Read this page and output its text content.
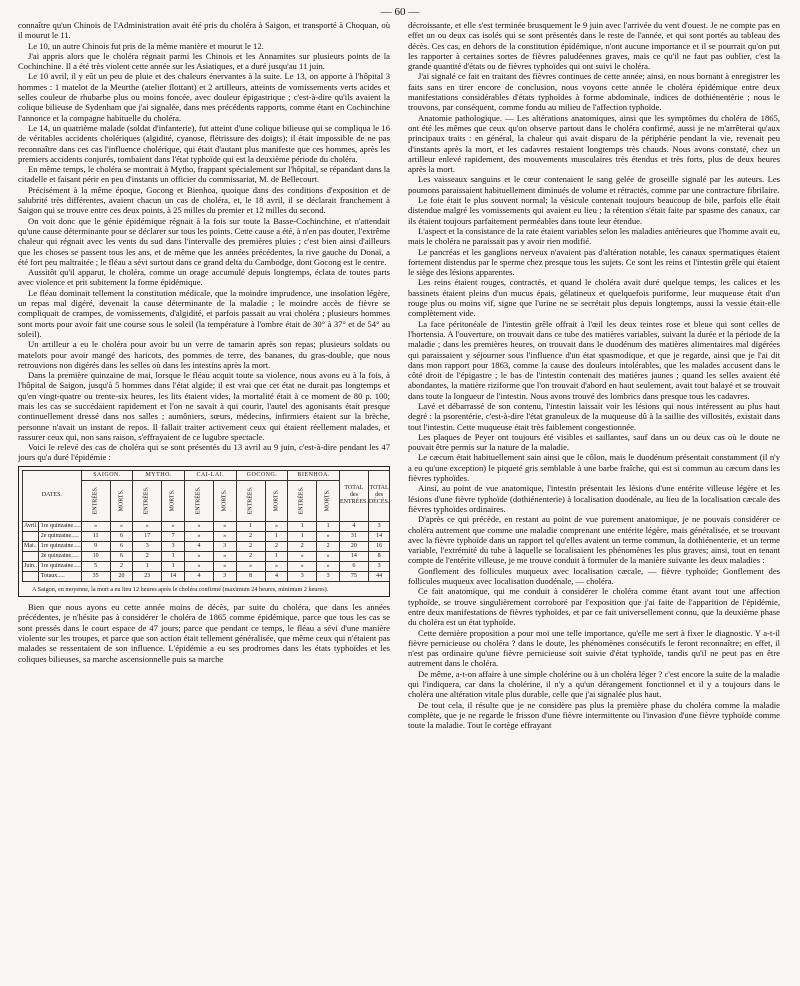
— 60 —

connaître qu'un Chinois de l'Administration avait été pris du choléra à Saigon, et transporté à Choquan, où il mourut le 11.

Le 10, un autre Chinois fut pris de la même manière et mourut le 12.

J'ai appris alors que le choléra régnait parmi les Chinois et les Annamites sur plusieurs points de la Cochinchine. Il a été très violent cette année sur les Asiatiques, et a duré jusqu'au 11 juin.

Le 10 avril, il y eût un peu de pluie et des chaleurs énervantes à la suite. Le 13, on apporte à l'hôpital 3 hommes : 1 matelot de la Meurthe (atelier flottant) et 2 artilleurs, atteints de vomissements verts acides et selles couleur de rhubarbe plus ou moins foncée, avec douleur épigastrique ; c'est-à-dire qu'ils avaient la colique bilieuse de Sydenham que j'ai signalée, dans mes précédents rapports, comme étant en Cochinchine l'annonce et la compagne habituelle du choléra.

Le 14, un quatrième malade (soldat d'infanterie), fut atteint d'une colique bilieuse qui se compliqua le 16 de véritables accidents cholériques (algidité, cyanose, flétrissure des doigts); il était impossible de ne pas reconnaître dans ces cas l'influence cholérique, qui était d'autant plus manifeste que ces hommes, après les premiers accidents conjurés, tombaient dans l'état typhoïde qui est la deuxième période du choléra.

En même temps, le choléra se montrait à Mytho, frappant spécialement sur l'hôpital, se répandant dans la citadelle et faisant périr en peu d'instants un officier du commissariat, M. de Bellecourt.

Précisément à la même époque, Gocong et Bienhoa, quoique dans des conditions d'exposition et de salubrité très différentes, avaient chacun un cas de choléra, et, le 18 avril, il se déclarait franchement à Saigon qui se trouve entre ces deux points, à 25 milles du premier et 12 milles du second.

On voit donc que le génie épidémique régnait à la fois sur toute la Basse-Cochinchine, et n'attendait qu'une cause déterminante pour se déclarer sur tous les points. Cette cause a été, à n'en pas douter, l'extrême chaleur qui régnait avec les vents du sud dans l'intervalle des premières pluies ; c'est bien ainsi d'ailleurs que les choses se passent tous les ans, et de même que les années précédentes, la rive gauche du Donaï, a été fort peu maltraitée ; le fléau a sévi surtout dans ce grand delta du Cambodge, dont Gocong est le centre.

Aussitôt qu'il apparut, le choléra, comme un orage accumulé depuis longtemps, éclata de toutes parts avec violence et prit subitement la forme épidémique.

Le fléau dominait tellement la constitution médicale, que la moindre imprudence, une insolation légère, un repas mal digéré, devenait la cause déterminante de la maladie ; le moindre accès de fièvre se compliquait de crampes, de vomissements, d'algidité, et parfois passait au vrai choléra ; plusieurs hommes sont morts pour avoir fait une course sous le soleil (la température à l'ombre était de 30° à 37° et de 54° au soleil).

Un artilleur a eu le choléra pour avoir bu un verre de tamarin après son repas; plusieurs soldats ou matelots pour avoir mangé des haricots, des pommes de terre, des bananes, du gras-double, que nous retrouvions non digérés dans les selles où dans les intestins après la mort.

Dans la première quinzaine de mai, lorsque le fléau acquit toute sa violence, nous avons eu à la fois, à l'hôpital de Saigon, jusqu'à 5 hommes dans l'état algide; il est vrai que cet état ne durait pas longtemps et qu'en vingt-quatre ou trente-six heures, les lits étaient vides, la mortalité était à ce moment de 80 p. 100; mais les cas se succédaient rapidement et l'on ne savait à qui courir, l'autel des agonisants était presque continuellement dressé dans nos salles ; aumôniers, sœurs, médecins, infirmiers étaient sur la brèche, personne n'avait un instant de repos. Il fallait traiter activement ceux qui étaient réellement malades, et rassurer ceux qui, non sans raison, s'effrayaient de ce lugubre spectacle.

Voici le relevé des cas de choléra qui se sont présentés du 13 avril au 9 juin, c'est-à-dire pendant les 47 jours qu'a duré l'épidémie :

DATES.		SAIGON.		MYTHO.		CAI-LAI.		GOCONG.		BIENHOA.		TOTAL des ENTRÉES.	TOTAL des DÉCÈS.	
		ENTRÉES.	MORTS.	ENTRÉES.	MORTS.	ENTRÉES.	MORTS.	ENTRÉES.	MORTS.	ENTRÉES.	MORTS.			
Avril.	1re quinzaine.....	»	»	»	»	»	»	1	»	1	1	4	3	
	2e quinzaine.....	11	6	17	7	»	»	2	1	1	»	31	14	
Mai..	1re quinzaine.....	9	6	3	3	4	3	2	2	2	2	20	16	
	2e quinzaine.....	10	6	2	1	»	»	2	1	»	»	14	8	
Juin..	1re quinzaine.....	5	2	1	1	»	»	»	»	»	»	6	3	
	Totaux.....	35	20	23	14	4	3	8	4	3	3	75	44	
A Saigon, en moyenne, la mort a eu lieu 12 heures après le choléra confirmé (maximum 24 heures, minimum 2 heures).

Bien que nous ayons eu cette année moins de décès, par suite du choléra, que dans les années précédentes, je n'hésite pas à considérer le choléra de 1865 comme épidémique, parce que tous les cas se sont pressés dans le court espace de 47 jours; parce que pendant ce temps, le fléau a sévi d'une manière violente sur les troupes, et parce que son action était tellement généralisée, que même ceux qui n'étaient pas malades se ressentaient de son influence. L'épidémie a eu ses prodromes dans les états typhoïdes et les coliques bilieuses, sa marche ascensionnelle puis sa marche

décroissante, et elle s'est terminée brusquement le 9 juin avec l'arrivée du vent d'ouest. Je ne compte pas en effet un ou deux cas isolés qui se sont présentés dans le reste de l'année, et qui sont portés au tableau des décès. Ces cas, en dehors de la constitution épidémique, n'ont aucune importance et il se pourrait qu'on put les rapporter à certaines sortes de fièvres paludéennes graves, mais ce qu'il ne faut pas oublier, c'est la grande quantité d'états ou de fièvres typhoïdes qui ont suivi le choléra.

J'ai signalé ce fait en traitant des fièvres continues de cette année; ainsi, en nous bornant à enregistrer les faits sans en tirer encore de conclusion, nous voyons cette année le choléra épidémique entre deux manifestations considérables d'états typhoïdes à forme abdominale, indices de dothiénentérie ; nous le trouvons, par conséquent, comme fondu au milieu de l'affection typhoïde.

Anatomie pathologique. — Les altérations anatomiques, ainsi que les symptômes du choléra de 1865, ont été les mêmes que ceux qu'on observe partout dans le choléra confirmé, aussi je ne m'arrêterai qu'aux principaux traits : en général, la chaleur qui avait disparu de la périphérie pendant la vie, revenait peu d'instants après la mort, et les cadavres restaient longtemps très chauds. Nous avons constaté, chez un artilleur enlevé rapidement, des mouvements musculaires très étendus et très forts, plus de deux heures après la mort.

Les vaisseaux sanguins et le cœur contenaient le sang gelée de groseille signalé par les auteurs. Les poumons paraissaient habituellement diminués de volume et rétractés, comme par une contracture fibrilaire.

Le foie était le plus souvent normal; la vésicule contenait toujours beaucoup de bile, parfois elle était distendue malgré les vomissements qui avaient eu lieu ; la rétention s'était faite par spasme des canaux, car ils étaient toujours parfaitement perméables dans toute leur étendue.

L'aspect et la consistance de la rate étaient variables selon les maladies antérieures que l'homme avait eu, mais le choléra ne paraissait pas y avoir rien modifié.

Le pancréas et les ganglions nerveux n'avaient pas d'altération notable, les canaux spermatiques étaient fortement distendus par le sperme chez presque tous les sujets. Ce sont les reins et l'intestin grêle qui étaient le siège des lésions apparentes.

Les reins étaient rouges, contractés, et quand le choléra avait duré quelque temps, les calices et les bassinets étaient pleins d'un mucus épais, gélatineux et quelquefois puriforme, leur muqueuse était d'un rouge plus ou moins vif, signe que l'urine ne se secrétait plus depuis longtemps, aussi la vessie était-elle complètement vide.

La face péritonéale de l'intestin grêle offrait à l'œil les deux teintes rose et bleue qui sont celles de l'hortensia. A l'ouverture, on trouvait dans ce tube des matières variables, suivant la durée et la période de la maladie ; dans les premières heures, on trouvait dans le duodénum des matières alimentaires mal digérées qui paraissaient y séjourner sous l'influence d'un état spasmodique, et que je regarde, ainsi que je l'ai dit dans mon rapport pour 1863, comme la cause des douleurs intolérables, que les malades accusent dans le côté droit de l'épigastre ; le bas de l'intestin contenait des matières jaunes ; quand les selles avaient été abondantes, la matière riziforme que l'on trouvait d'abord en haut seulement, avait tout balayé et se trouvait dans toute la longueur de l'intestin. Nous avons trouvé des lombrics dans presque tous les cadavres.

Lavé et débarrassé de son contenu, l'intestin laissait voir les lésions qui nous intéressent au plus haut degré : la psorentérie, c'est-à-dire l'état granuleux de la muqueuse dû à la saillie des villosités, existait dans tout l'intestin. Cette muqueuse était très faiblement congestionnée.

Les plaques de Peyer ont toujours été visibles et saillantes, sauf dans un ou deux cas où le doute ne pouvait être permis sur la nature de la maladie.

Le cæcum était habituellement sain ainsi que le côlon, mais le duodénum présentait constamment (il n'y a eu qu'une exception) le piqueté gris semblable à une barbe fraîche, qui est si commun au cæcum dans les fièvres typhoïdes.

Ainsi, au point de vue anatomique, l'intestin présentait les lésions d'une entérite villeuse légère et les lésions d'une fièvre typhoïde (dothiénenterie) à localisation duodénale, au lieu de la localisation cæcale des fièvres typhoïdes ordinaires.

D'après ce qui précède, en restant au point de vue purement anatomique, je ne pouvais considérer ce choléra autrement que comme une maladie comprenant une entérite légère, mais généralisée, et se trouvant avec la fièvre typhoïde dans un rapport tel qu'elles avaient un terme commun, la dothiénenterie, et un terme variable, l'extrémité du tube à laquelle se localisaient les phénomènes les plus graves; ainsi, tout en tenant compte de l'entérite villeuse, je me trouve conduit à formuler de la manière suivante les deux maladies :

Gonflement des follicules muqueux avec localisation cæcale, — fièvre typhoïde; Gonflement des follicules muqueux avec localisation duodénale, — choléra.

Ce fait anatomique, qui me conduit à considérer le choléra comme étant avant tout une affection typhoïde, se trouve singulièrement corroboré par l'exposition que j'ai faite de l'apparition de l'épidémie, entre deux manifestations de fièvres typhoïdes, et par ce fait universellement connu, que la deuxième phase du choléra est un état typhoïde.

Cette dernière proposition a pour moi une telle importance, qu'elle me sert à fixer le diagnostic. Y a-t-il fièvre pernicieuse ou choléra ? dans le doute, les phénomènes consécutifs le feront reconnaître; en effet, il n'est pas ordinaire qu'une fièvre pernicieuse soit suivie d'état typhoïde, tandis qu'il ne peut pas en être autrement dans le choléra.

De même, a-t-on affaire à une simple cholérine ou à un choléra léger ? c'est encore la suite de la maladie qui l'indiquera, car dans la cholérine, il n'y a qu'un dérangement fonctionnel et il y a toujours dans le choléra une altération vitale plus durable, celle que j'ai signalée plus haut.

De tout cela, il résulte que je ne considère pas plus la première phase du choléra comme la maladie complète, que je ne regarde le frisson d'une fièvre intermittente ou l'invasion d'une fièvre typhoïde comme toute la maladie. Tout le cortège effrayant
